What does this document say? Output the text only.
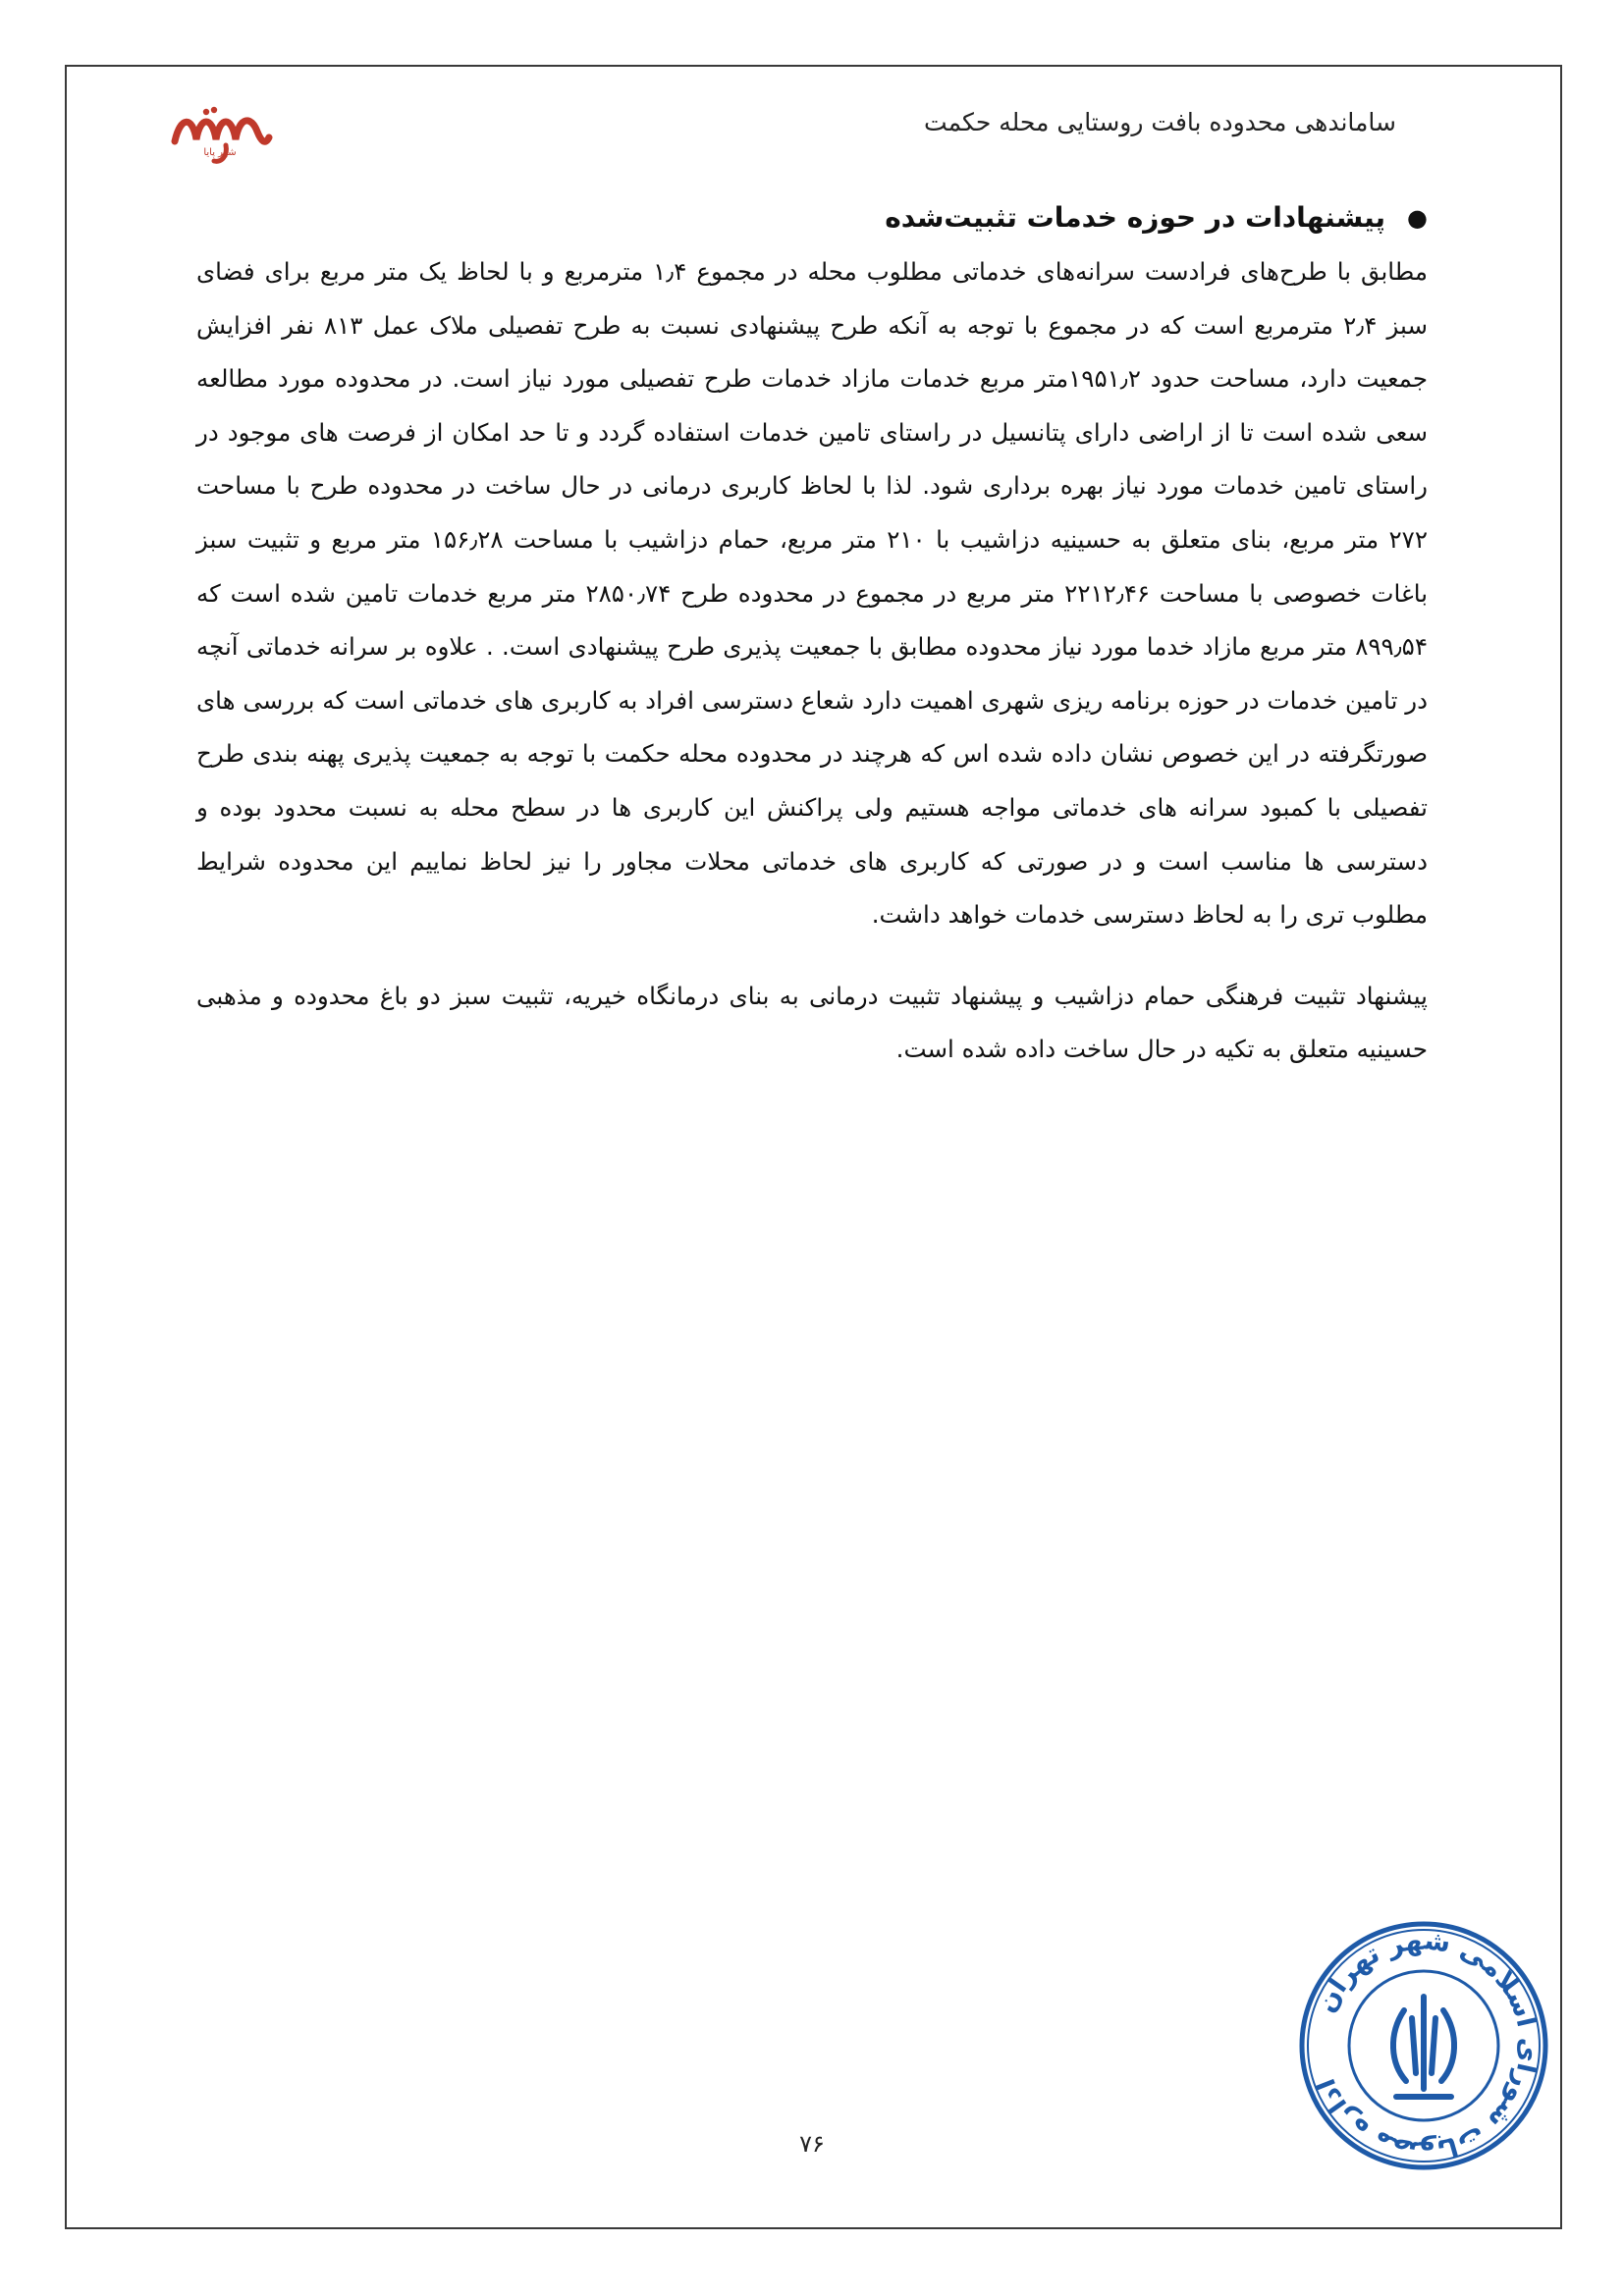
ساماندهی محدوده بافت روستایی محله حکمت
شهر پایا
●
پیشنهادات در حوزه خدمات تثبیت‌شده

مطابق با طرح‌های فرادست سرانه‌های خدماتی مطلوب محله در مجموع ۱٫۴ مترمربع و با لحاظ یک متر مربع برای فضای سبز ۲٫۴ مترمربع است که در مجموع با توجه به آنکه طرح پیشنهادی نسبت به طرح تفصیلی ملاک عمل ۸۱۳ نفر افزایش جمعیت دارد، مساحت حدود ۱۹۵۱٫۲متر مربع خدمات مازاد خدمات طرح تفصیلی مورد نیاز است. در محدوده مورد مطالعه سعی شده است تا از اراضی دارای پتانسیل در راستای تامین خدمات استفاده گردد و تا حد امکان از فرصت های موجود در راستای تامین خدمات مورد نیاز بهره برداری شود. لذا با لحاظ کاربری درمانی در حال ساخت در محدوده طرح با مساحت ۲۷۲ متر مربع، بنای متعلق به حسینیه دزاشیب با ۲۱۰ متر مربع، حمام دزاشیب با مساحت ۱۵۶٫۲۸ متر مربع و تثبیت سبز باغات خصوصی با مساحت ۲۲۱۲٫۴۶ متر مربع در مجموع در محدوده طرح ۲۸۵۰٫۷۴ متر مربع خدمات تامین شده است که ۸۹۹٫۵۴ متر مربع مازاد خدما مورد نیاز محدوده مطابق با جمعیت پذیری طرح پیشنهادی است. . علاوه بر سرانه خدماتی آنچه در تامین خدمات در حوزه برنامه ریزی شهری اهمیت دارد شعاع دسترسی افراد به کاربری های خدماتی است که بررسی های صورتگرفته در این خصوص نشان داده شده اس که هرچند در محدوده محله حکمت با توجه به جمعیت پذیری پهنه بندی طرح تفصیلی با کمبود سرانه های خدماتی مواجه هستیم ولی پراکنش این کاربری ها در سطح محله به نسبت محدود بوده و دسترسی ها مناسب است و در صورتی که کاربری های خدماتی محلات مجاور را نیز لحاظ نماییم این محدوده شرایط مطلوب تری را به لحاظ دسترسی خدمات خواهد داشت.

پیشنهاد تثبیت فرهنگی حمام دزاشیب و پیشنهاد تثبیت درمانی به بنای درمانگاه خیریه، تثبیت سبز دو باغ محدوده و مذهبی حسینیه متعلق به تکیه در حال ساخت داده شده است.

۷۶
اداره مصوبات شورای اسلامی شهر تهران
